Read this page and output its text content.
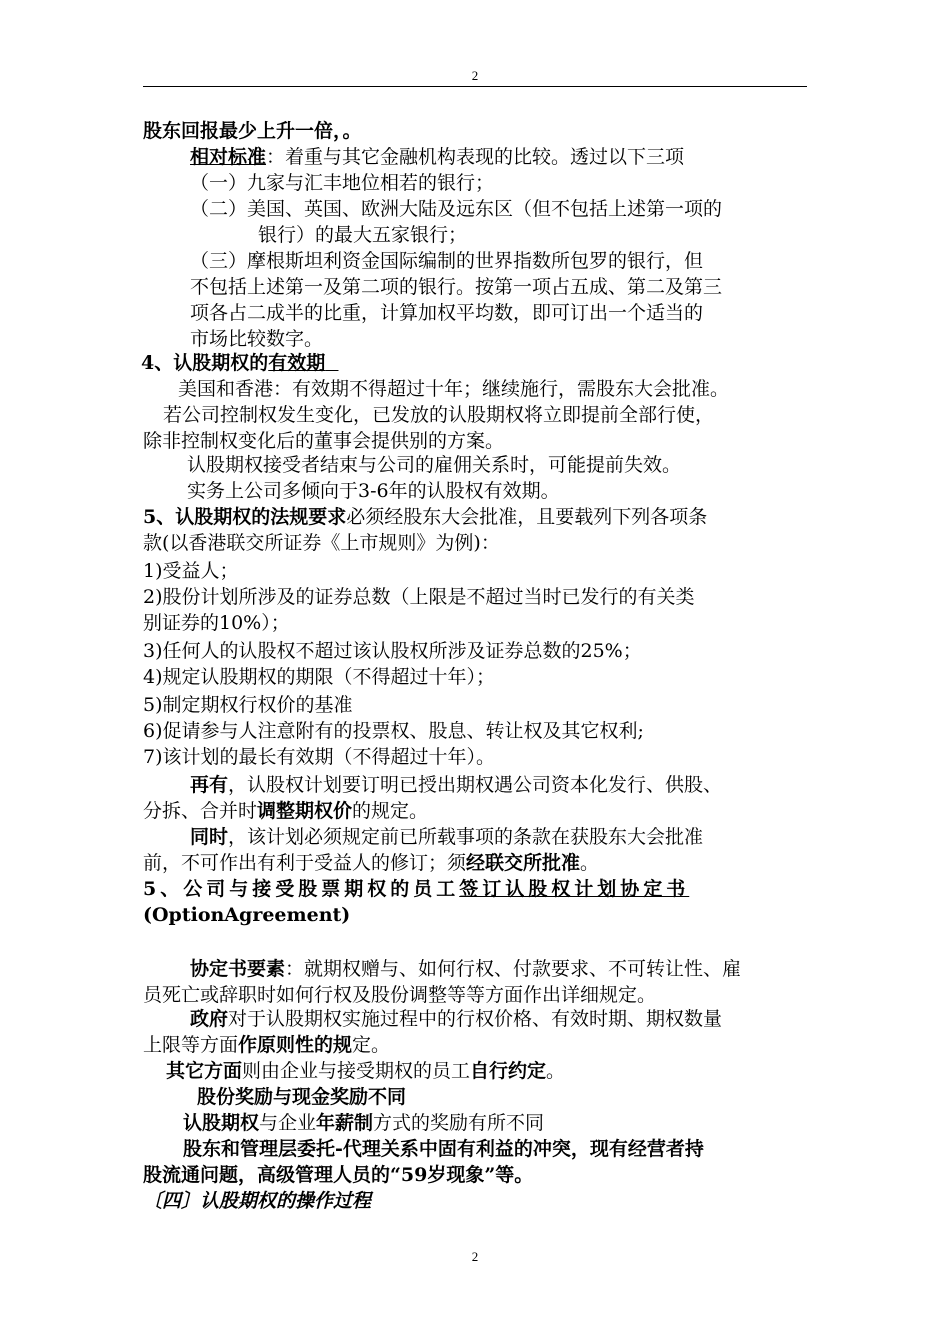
2
股东回报最少上升一倍，。
相对标准：着重与其它金融机构表现的比较。透过以下三项
（一）九家与汇丰地位相若的银行；
（二）美国、英国、欧洲大陆及远东区（但不包括上述第一项的
银行）的最大五家银行；
（三）摩根斯坦利资金国际编制的世界指数所包罗的银行，但
不包括上述第一及第二项的银行。按第一项占五成、第二及第三
项各占二成半的比重，计算加权平均数，即可订出一个适当的
市场比较数字。
4、认股期权的有效期
美国和香港：有效期不得超过十年；继续施行，需股东大会批准。
若公司控制权发生变化，已发放的认股期权将立即提前全部行使，
除非控制权变化后的董事会提供别的方案。
认股期权接受者结束与公司的雇佣关系时，可能提前失效。
实务上公司多倾向于3-6年的认股权有效期。
5、认股期权的法规要求必须经股东大会批准，且要载列下列各项条
款(以香港联交所证券《上市规则》为例)：
1)受益人；
2)股份计划所涉及的证券总数（上限是不超过当时已发行的有关类
别证券的10%）；
3)任何人的认股权不超过该认股权所涉及证券总数的25%；
4)规定认股期权的期限（不得超过十年）；
5)制定期权行权价的基准
6)促请参与人注意附有的投票权、股息、转让权及其它权利;
7)该计划的最长有效期（不得超过十年）。
再有，认股权计划要订明已授出期权遇公司资本化发行、供股、
分拆、合并时调整期权价的规定。
同时，该计划必须规定前已所载事项的条款在获股东大会批准
前，不可作出有利于受益人的修订；须经联交所批准。
5、公司与接受股票期权的员工签订认股权计划协定书
(OptionAgreement)
协定书要素：就期权赠与、如何行权、付款要求、不可转让性、雇
员死亡或辞职时如何行权及股份调整等等方面作出详细规定。
政府对于认股期权实施过程中的行权价格、有效时期、期权数量
上限等方面作原则性的规定。
其它方面则由企业与接受期权的员工自行约定。
股份奖励与现金奖励不同
认股期权与企业年薪制方式的奖励有所不同
股东和管理层委托-代理关系中固有利益的冲突，现有经营者持
股流通问题，高级管理人员的“59岁现象”等。
〔四〕认股期权的操作过程
2
